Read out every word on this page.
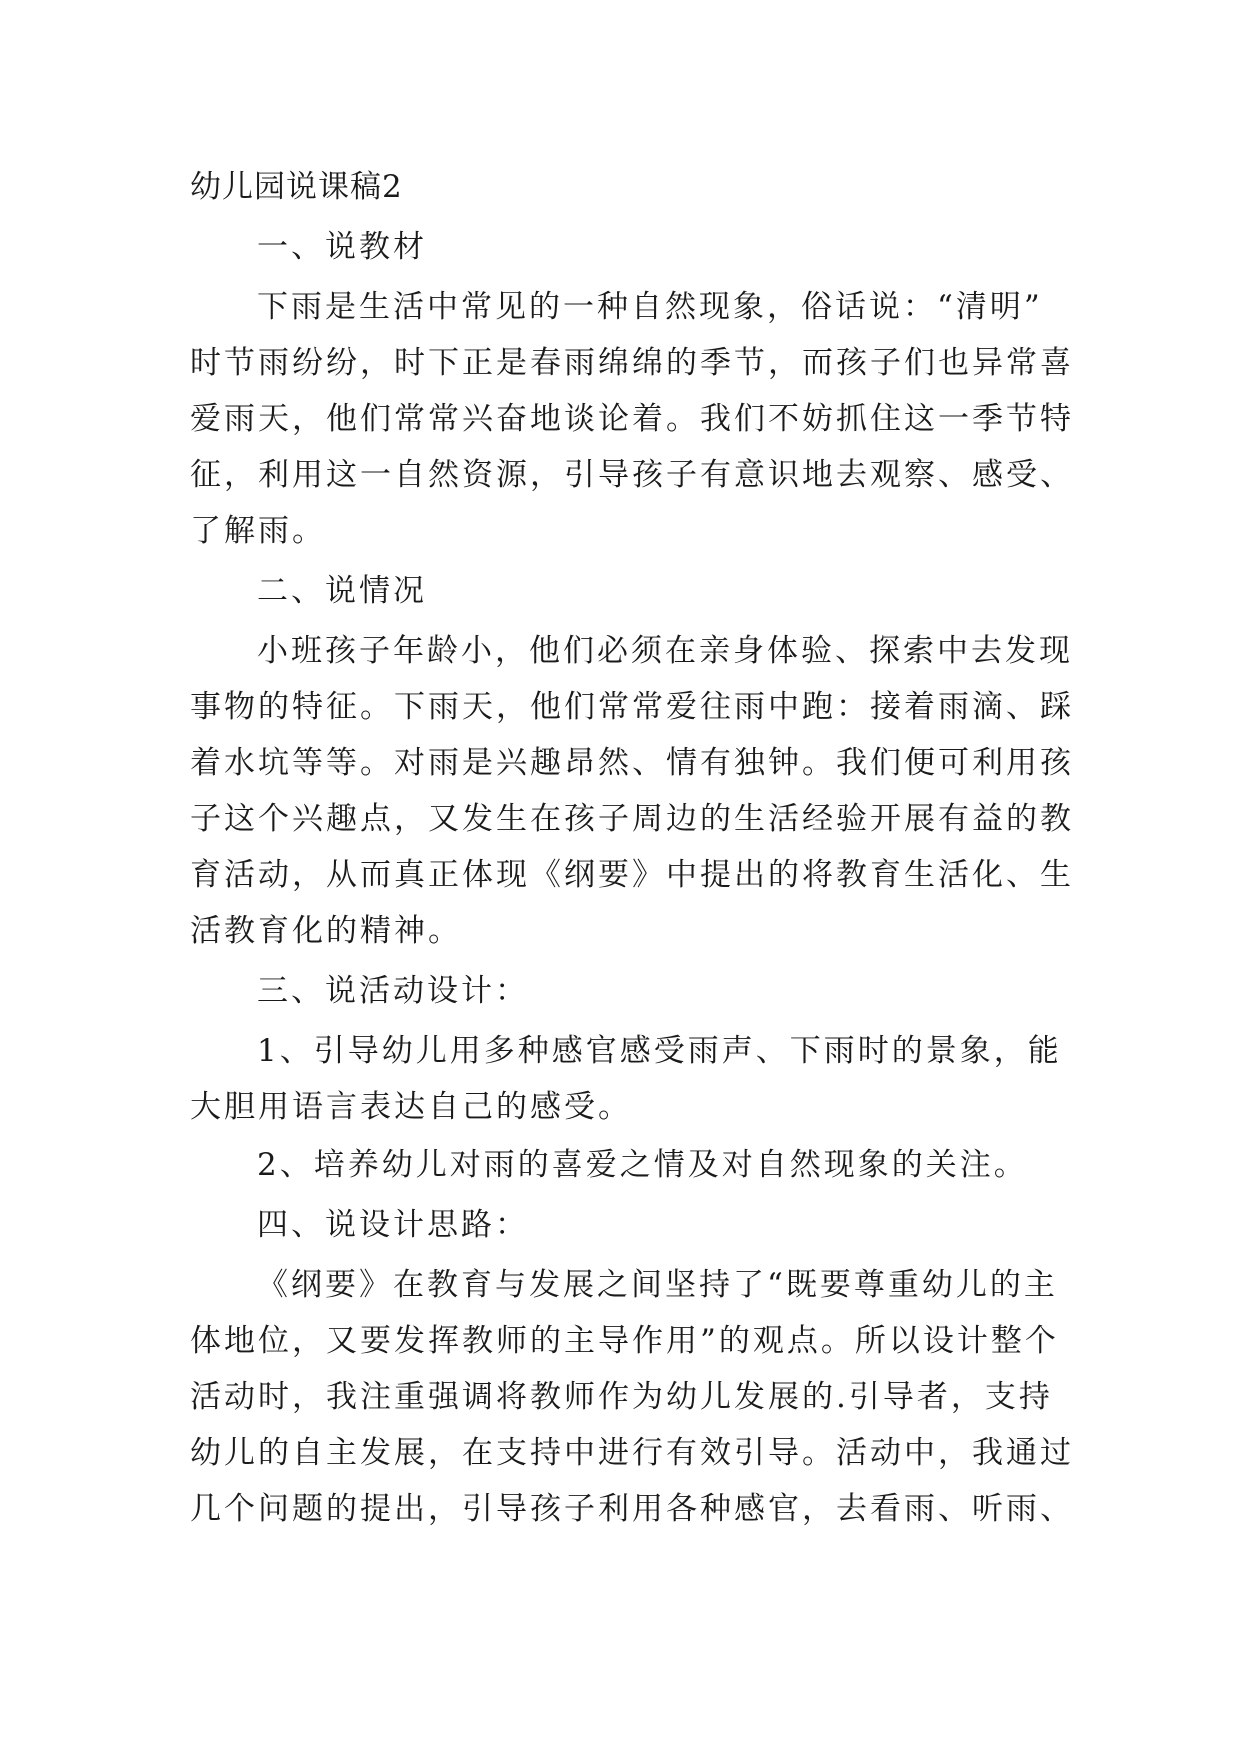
幼儿园说课稿2
一、说教材
下雨是生活中常见的一种自然现象，俗话说：“清明”
时节雨纷纷，时下正是春雨绵绵的季节，而孩子们也异常喜
爱雨天，他们常常兴奋地谈论着。我们不妨抓住这一季节特
征，利用这一自然资源，引导孩子有意识地去观察、感受、
了解雨。
二、说情况
小班孩子年龄小，他们必须在亲身体验、探索中去发现
事物的特征。下雨天，他们常常爱往雨中跑：接着雨滴、踩
着水坑等等。对雨是兴趣昂然、情有独钟。我们便可利用孩
子这个兴趣点，又发生在孩子周边的生活经验开展有益的教
育活动，从而真正体现《纲要》中提出的将教育生活化、生
活教育化的精神。
三、说活动设计：
1、引导幼儿用多种感官感受雨声、下雨时的景象，能
大胆用语言表达自己的感受。
2、培养幼儿对雨的喜爱之情及对自然现象的关注。
四、说设计思路：
《纲要》在教育与发展之间坚持了“既要尊重幼儿的主
体地位，又要发挥教师的主导作用”的观点。所以设计整个
活动时，我注重强调将教师作为幼儿发展的.引导者，支持
幼儿的自主发展，在支持中进行有效引导。活动中，我通过
几个问题的提出，引导孩子利用各种感官，去看雨、听雨、
